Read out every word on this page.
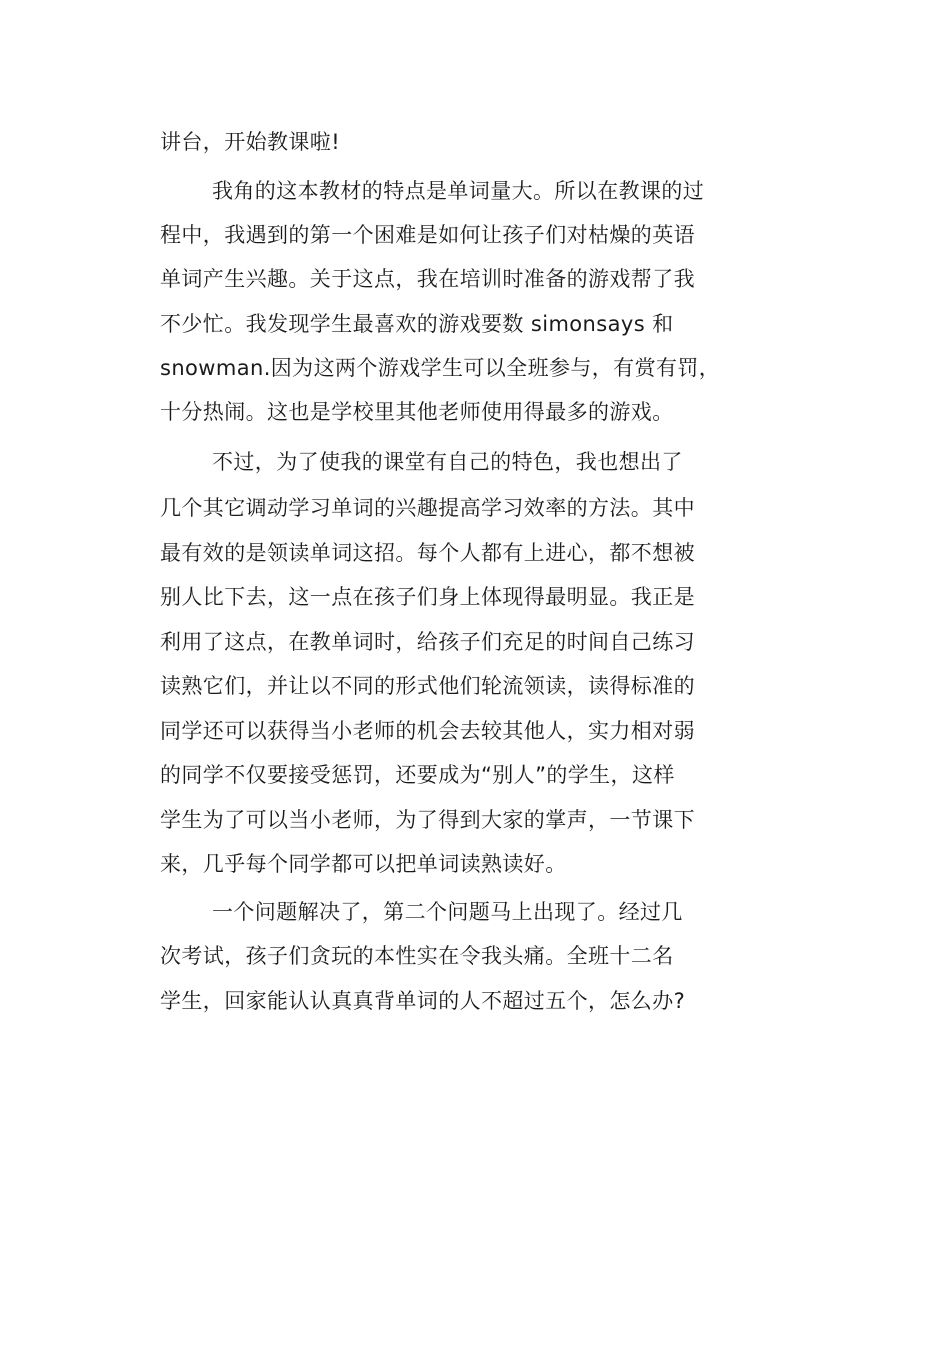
讲台，开始教课啦!
我角的这本教材的特点是单词量大。所以在教课的过
程中，我遇到的第一个困难是如何让孩子们对枯燥的英语
单词产生兴趣。关于这点，我在培训时准备的游戏帮了我
不少忙。我发现学生最喜欢的游戏要数 simonsays 和
snowman.因为这两个游戏学生可以全班参与，有赏有罚，
十分热闹。这也是学校里其他老师使用得最多的游戏。
不过，为了使我的课堂有自己的特色，我也想出了
几个其它调动学习单词的兴趣提高学习效率的方法。其中
最有效的是领读单词这招。每个人都有上进心，都不想被
别人比下去，这一点在孩子们身上体现得最明显。我正是
利用了这点，在教单词时，给孩子们充足的时间自己练习
读熟它们，并让以不同的形式他们轮流领读，读得标准的
同学还可以获得当小老师的机会去较其他人，实力相对弱
的同学不仅要接受惩罚，还要成为“别人”的学生，这样
学生为了可以当小老师，为了得到大家的掌声，一节课下
来，几乎每个同学都可以把单词读熟读好。
一个问题解决了，第二个问题马上出现了。经过几
次考试，孩子们贪玩的本性实在令我头痛。全班十二名
学生，回家能认认真真背单词的人不超过五个，怎么办?
